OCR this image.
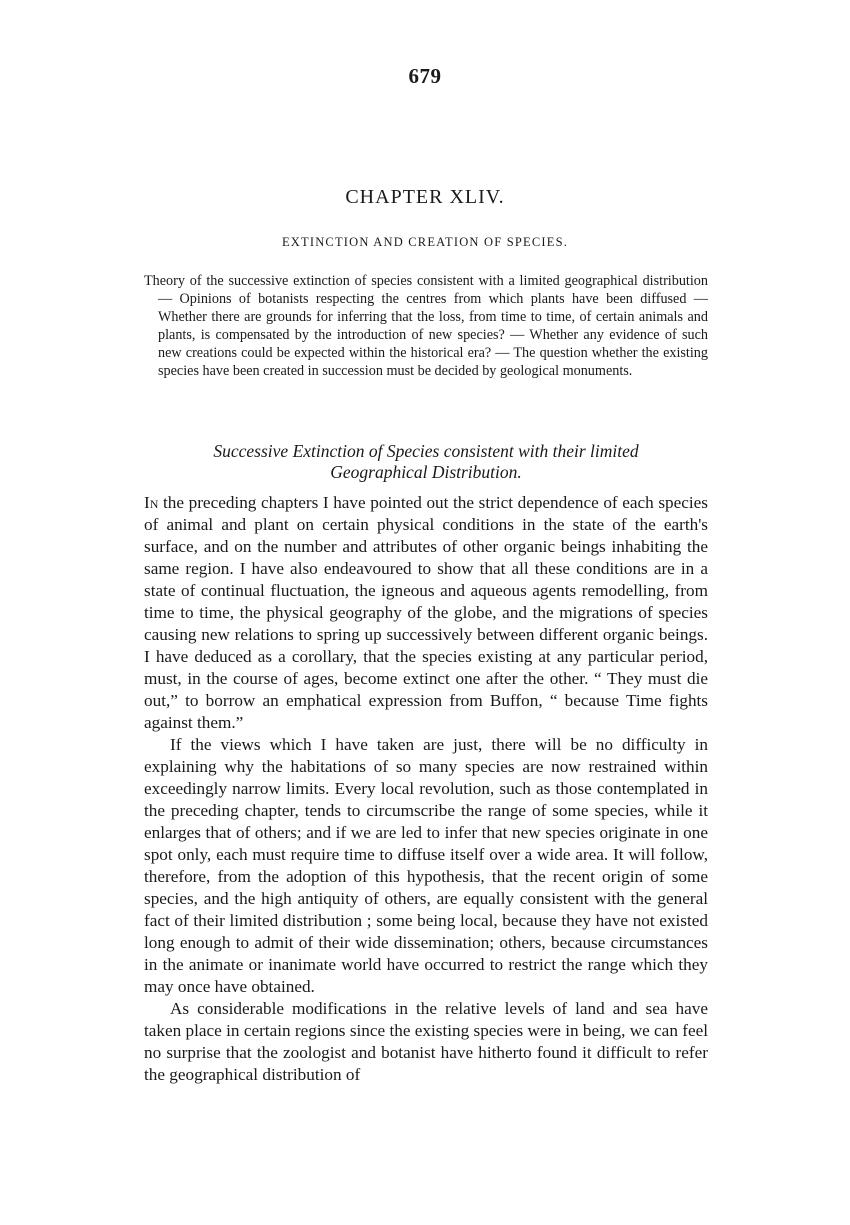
679
CHAPTER XLIV.
EXTINCTION AND CREATION OF SPECIES.
Theory of the successive extinction of species consistent with a limited geographical distribution — Opinions of botanists respecting the centres from which plants have been diffused — Whether there are grounds for inferring that the loss, from time to time, of certain animals and plants, is compensated by the introduction of new species? — Whether any evidence of such new creations could be expected within the historical era? — The question whether the existing species have been created in succession must be decided by geological monuments.
Successive Extinction of Species consistent with their limited
Geographical Distribution.

In the preceding chapters I have pointed out the strict dependence of each species of animal and plant on certain physical conditions in the state of the earth's surface, and on the number and attributes of other organic beings inhabiting the same region. I have also endeavoured to show that all these conditions are in a state of continual fluctuation, the igneous and aqueous agents remodelling, from time to time, the physical geography of the globe, and the migrations of species causing new relations to spring up successively between different organic beings. I have deduced as a corollary, that the species existing at any particular period, must, in the course of ages, become extinct one after the other. “ They must die out,” to borrow an emphatical expression from Buffon, “ because Time fights against them.”

If the views which I have taken are just, there will be no difficulty in explaining why the habitations of so many species are now restrained within exceedingly narrow limits. Every local revolution, such as those contemplated in the preceding chapter, tends to circumscribe the range of some species, while it enlarges that of others; and if we are led to infer that new species originate in one spot only, each must require time to diffuse itself over a wide area. It will follow, therefore, from the adoption of this hypothesis, that the recent origin of some species, and the high antiquity of others, are equally consistent with the general fact of their limited distribution ; some being local, because they have not existed long enough to admit of their wide dissemination; others, because circumstances in the animate or inanimate world have occurred to restrict the range which they may once have obtained.

As considerable modifications in the relative levels of land and sea have taken place in certain regions since the existing species were in being, we can feel no surprise that the zoologist and botanist have hitherto found it difficult to refer the geographical distribution of
